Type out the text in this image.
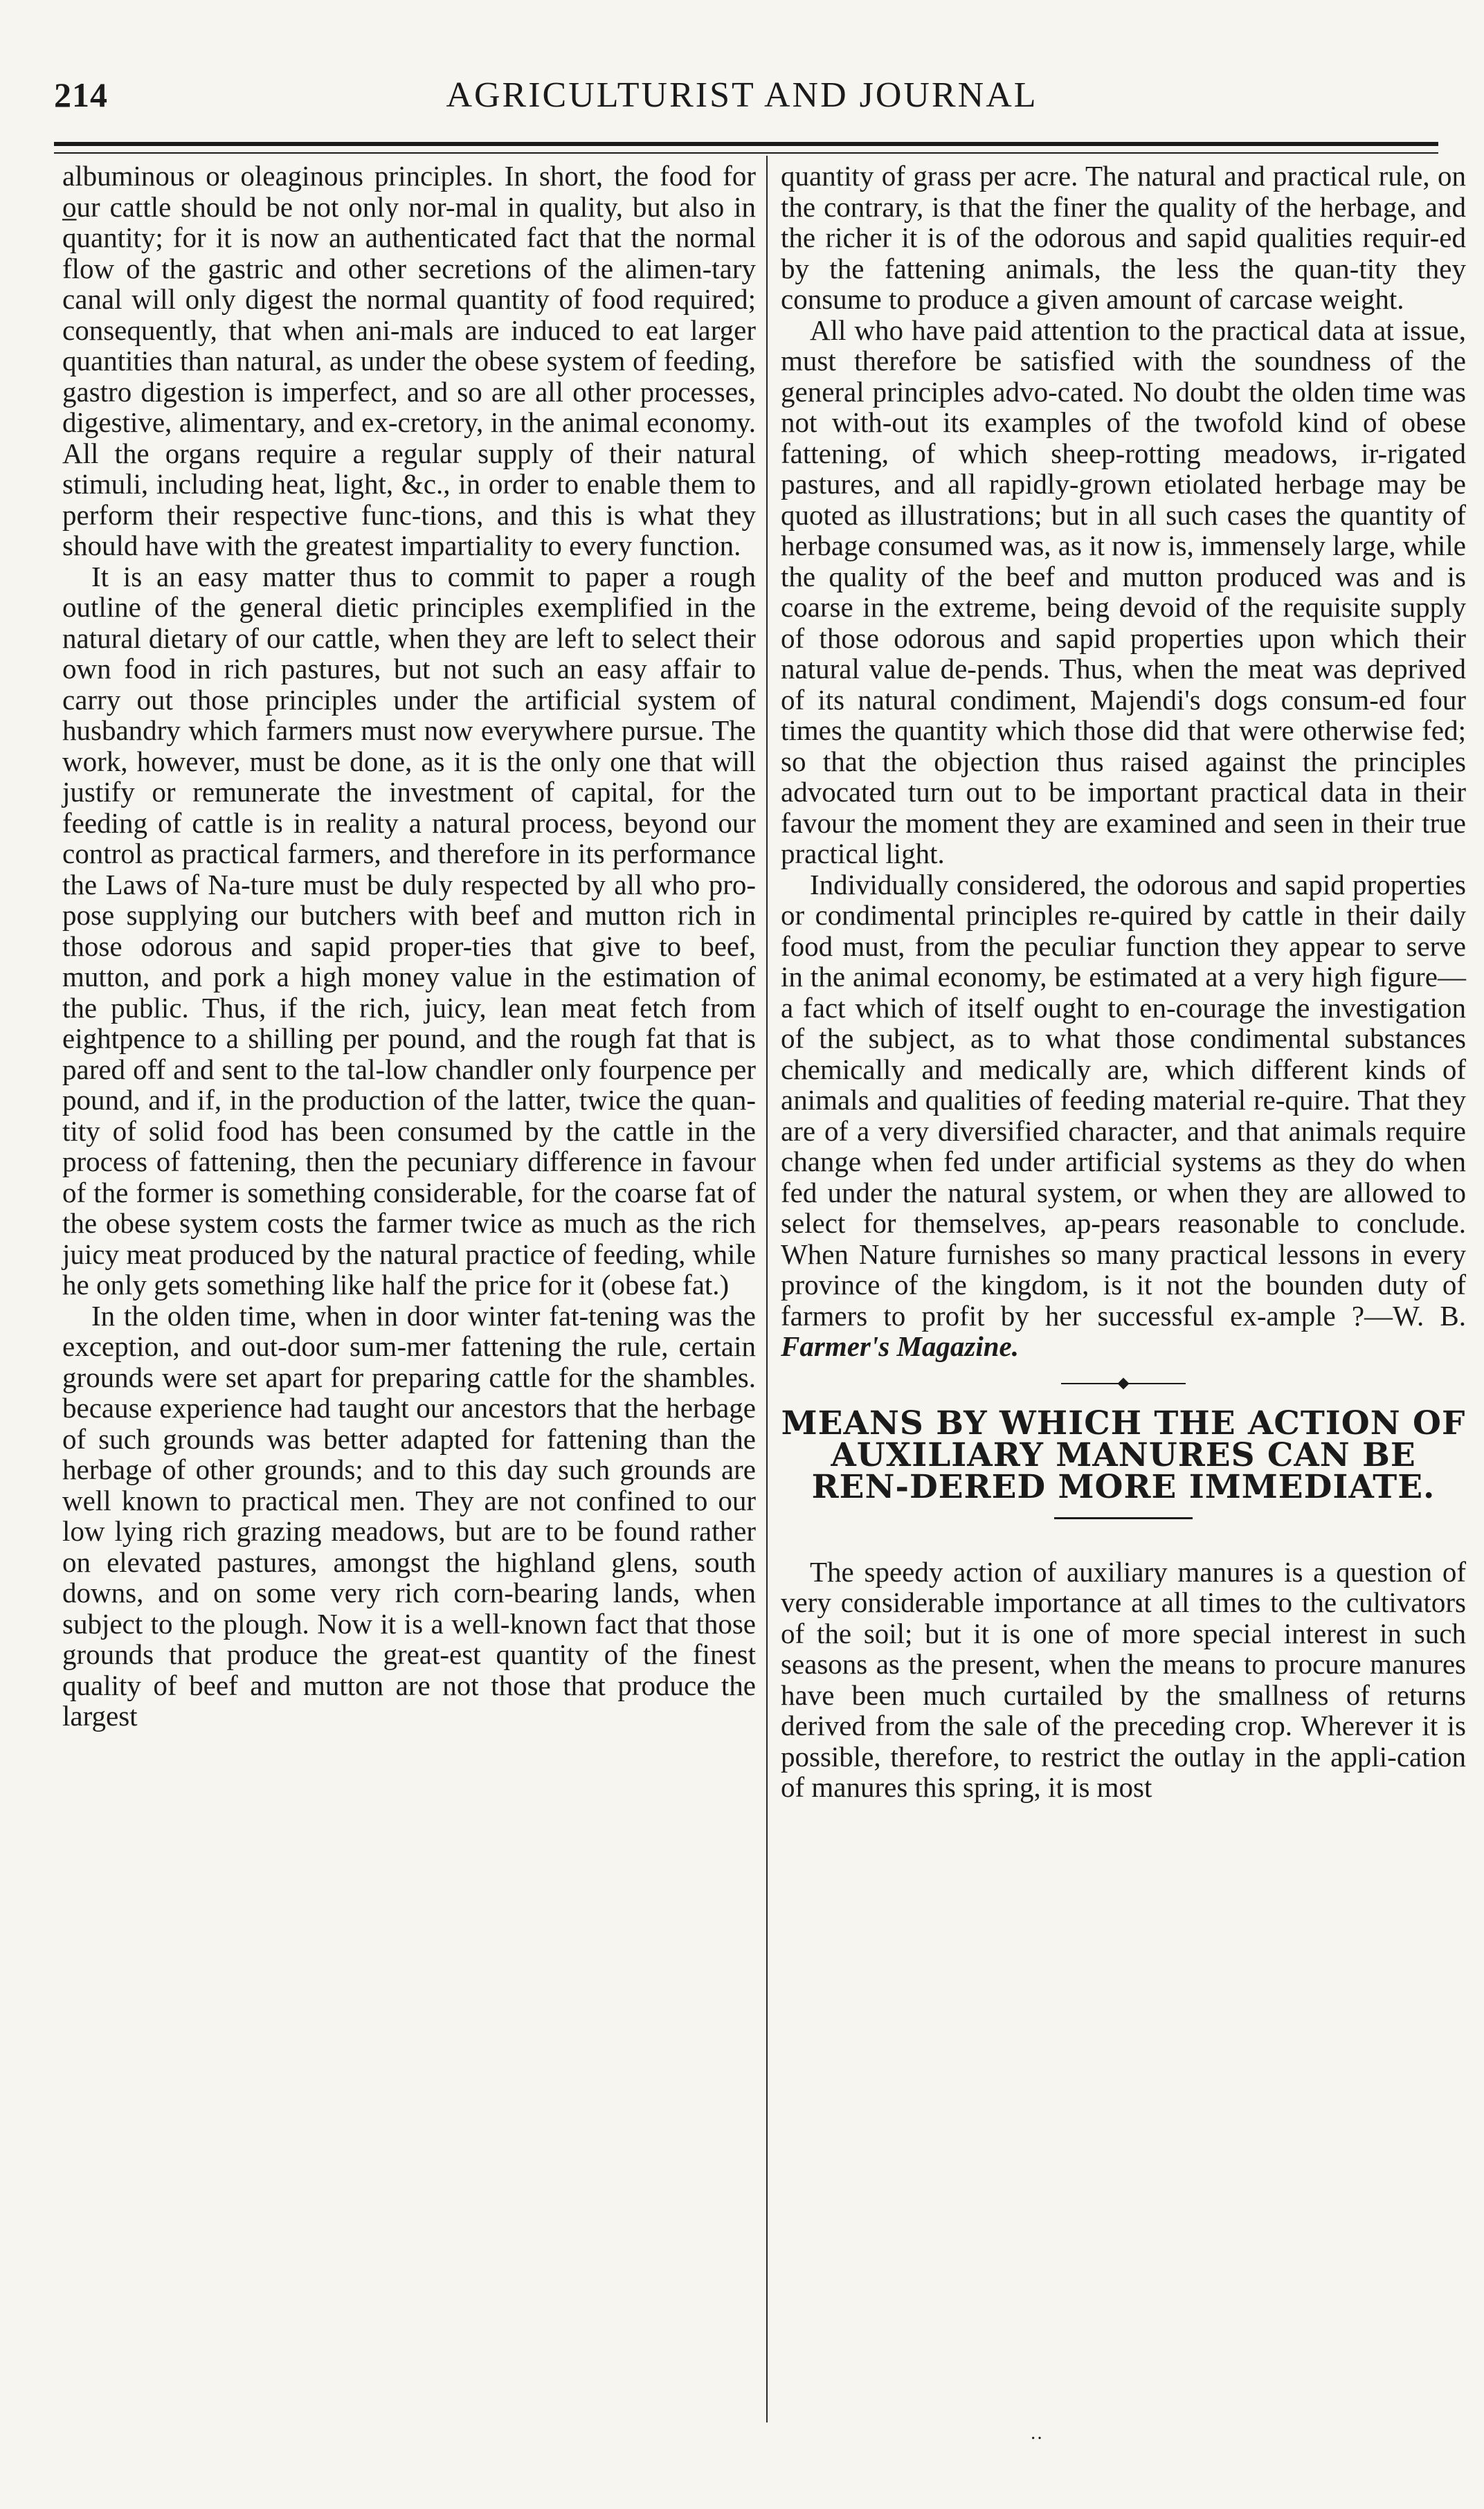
214	AGRICULTURIST AND JOURNAL

albuminous or oleaginous principles. In short, the food for o̲ur cattle should be not only nor-mal in quality, but also in quantity; for it is now an authenticated fact that the normal flow of the gastric and other secretions of the alimen-tary canal will only digest the normal quantity of food required; consequently, that when ani-mals are induced to eat larger quantities than natural, as under the obese system of feeding, gastro digestion is imperfect, and so are all other processes, digestive, alimentary, and ex-cretory, in the animal economy. All the organs require a regular supply of their natural stimuli, including heat, light, &c., in order to enable them to perform their respective func-tions, and this is what they should have with the greatest impartiality to every function.

It is an easy matter thus to commit to paper a rough outline of the general dietic principles exemplified in the natural dietary of our cattle, when they are left to select their own food in rich pastures, but not such an easy affair to carry out those principles under the artificial system of husbandry which farmers must now everywhere pursue. The work, however, must be done, as it is the only one that will justify or remunerate the investment of capital, for the feeding of cattle is in reality a natural process, beyond our control as practical farmers, and therefore in its performance the Laws of Na-ture must be duly respected by all who pro-pose supplying our butchers with beef and mutton rich in those odorous and sapid proper-ties that give to beef, mutton, and pork a high money value in the estimation of the public. Thus, if the rich, juicy, lean meat fetch from eightpence to a shilling per pound, and the rough fat that is pared off and sent to the tal-low chandler only fourpence per pound, and if, in the production of the latter, twice the quan-tity of solid food has been consumed by the cattle in the process of fattening, then the pecuniary difference in favour of the former is something considerable, for the coarse fat of the obese system costs the farmer twice as much as the rich juicy meat produced by the natural practice of feeding, while he only gets something like half the price for it (obese fat.)

In the olden time, when in door winter fat-tening was the exception, and out-door sum-mer fattening the rule, certain grounds were set apart for preparing cattle for the shambles. because experience had taught our ancestors that the herbage of such grounds was better adapted for fattening than the herbage of other grounds; and to this day such grounds are well known to practical men. They are not confined to our low lying rich grazing meadows, but are to be found rather on elevated pastures, amongst the highland glens, south downs, and on some very rich corn-bearing lands, when subject to the plough. Now it is a well-known fact that those grounds that produce the great-est quantity of the finest quality of beef and mutton are not those that produce the largest

quantity of grass per acre. The natural and practical rule, on the contrary, is that the finer the quality of the herbage, and the richer it is of the odorous and sapid qualities requir-ed by the fattening animals, the less the quan-tity they consume to produce a given amount of carcase weight.

All who have paid attention to the practical data at issue, must therefore be satisfied with the soundness of the general principles advo-cated. No doubt the olden time was not with-out its examples of the twofold kind of obese fattening, of which sheep-rotting meadows, ir-rigated pastures, and all rapidly-grown etiolated herbage may be quoted as illustrations; but in all such cases the quantity of herbage consumed was, as it now is, immensely large, while the quality of the beef and mutton produced was and is coarse in the extreme, being devoid of the requisite supply of those odorous and sapid properties upon which their natural value de-pends. Thus, when the meat was deprived of its natural condiment, Majendi's dogs consum-ed four times the quantity which those did that were otherwise fed; so that the objection thus raised against the principles advocated turn out to be important practical data in their favour the moment they are examined and seen in their true practical light.

Individually considered, the odorous and sapid properties or condimental principles re-quired by cattle in their daily food must, from the peculiar function they appear to serve in the animal economy, be estimated at a very high figure—a fact which of itself ought to en-courage the investigation of the subject, as to what those condimental substances chemically and medically are, which different kinds of animals and qualities of feeding material re-quire. That they are of a very diversified character, and that animals require change when fed under artificial systems as they do when fed under the natural system, or when they are allowed to select for themselves, ap-pears reasonable to conclude. When Nature furnishes so many practical lessons in every province of the kingdom, is it not the bounden duty of farmers to profit by her successful ex-ample ?—W. B. Farmer's Magazine.

MEANS BY WHICH THE ACTION OF AUXILIARY MANURES CAN BE REN-DERED MORE IMMEDIATE.

The speedy action of auxiliary manures is a question of very considerable importance at all times to the cultivators of the soil; but it is one of more special interest in such seasons as the present, when the means to procure manures have been much curtailed by the smallness of returns derived from the sale of the preceding crop. Wherever it is possible, therefore, to restrict the outlay in the appli-cation of manures this spring, it is most

··
